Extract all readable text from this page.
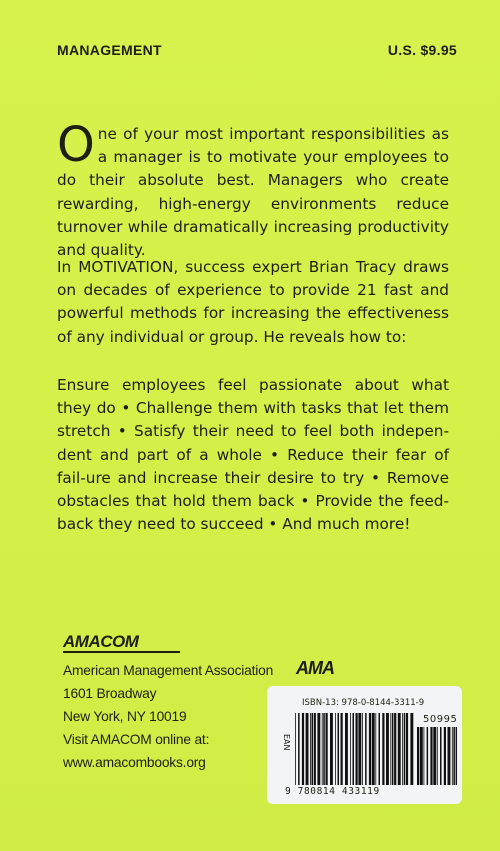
MANAGEMENT	U.S. $9.95

One of your most important responsibilities as a manager is to motivate your employees to do their absolute best. Managers who create rewarding, high-energy environments reduce turnover while dramatically increasing productivity and quality.

In MOTIVATION, success expert Brian Tracy draws on decades of experience to provide 21 fast and powerful methods for increasing the effectiveness of any individual or group. He reveals how to:

Ensure employees feel passionate about what they do • Challenge them with tasks that let them stretch • Satisfy their need to feel both indepen-dent and part of a whole • Reduce their fear of fail-ure and increase their desire to try • Remove obstacles that hold them back • Provide the feed-back they need to succeed • And much more!

AMACOM
American Management Association
1601 Broadway
New York, NY 10019
Visit AMACOM online at:
www.amacombooks.org
AMA
ISBN-13: 978-0-8144-3311-9
EAN
50995
9 780814 433119
